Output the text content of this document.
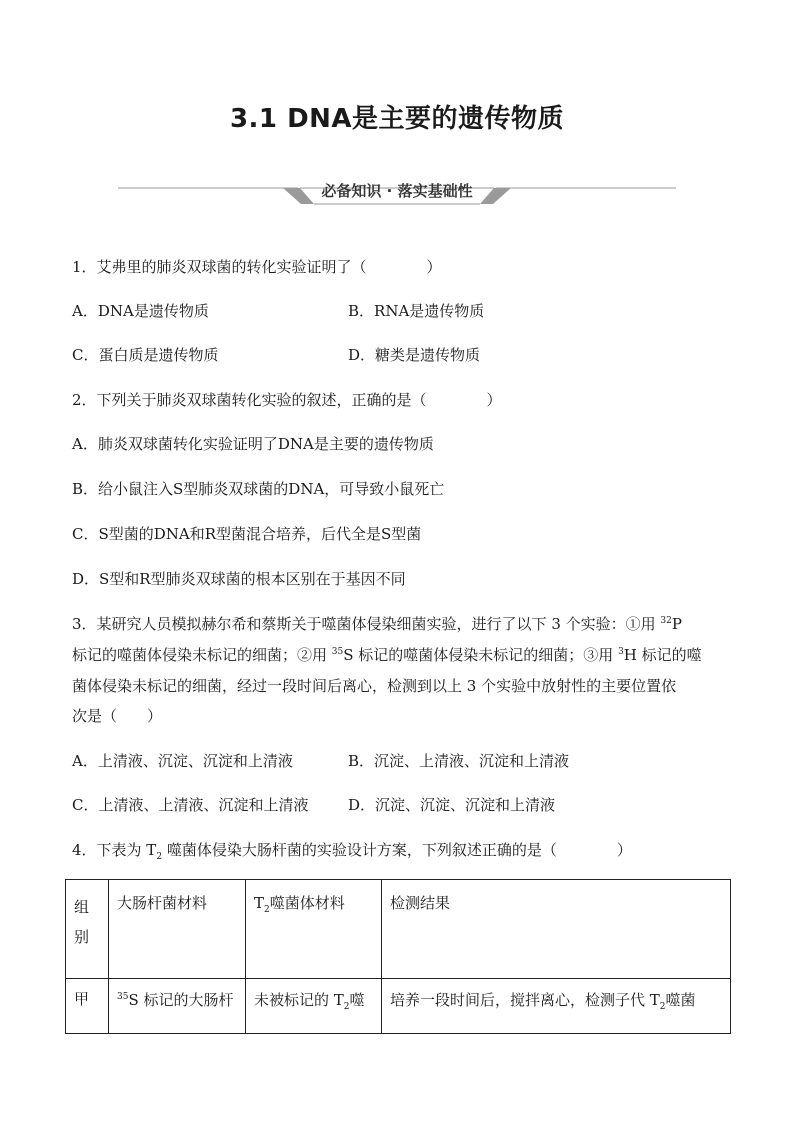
3.1 DNA是主要的遗传物质
必备知识 · 落实基础性
1．艾弗里的肺炎双球菌的转化实验证明了（　　　　）
A．DNA是遗传物质	B．RNA是遗传物质
C．蛋白质是遗传物质	D．糖类是遗传物质
2．下列关于肺炎双球菌转化实验的叙述，正确的是（　　　　）
A．肺炎双球菌转化实验证明了DNA是主要的遗传物质
B．给小鼠注入S型肺炎双球菌的DNA，可导致小鼠死亡
C．S型菌的DNA和R型菌混合培养，后代全是S型菌
D．S型和R型肺炎双球菌的根本区别在于基因不同
3．某研究人员模拟赫尔希和蔡斯关于噬菌体侵染细菌实验，进行了以下 3 个实验：①用 $^{32}$P
标记的噬菌体侵染未标记的细菌；②用 $^{35}$S 标记的噬菌体侵染未标记的细菌；③用 $^3$H 标记的噬
菌体侵染未标记的细菌，经过一段时间后离心，检测到以上 3 个实验中放射性的主要位置依
次是（　　）
A．上清液、沉淀、沉淀和上清液	B．沉淀、上清液、沉淀和上清液
C．上清液、上清液、沉淀和上清液	D．沉淀、沉淀、沉淀和上清液
4．下表为 $T_2$ 噬菌体侵染大肠杆菌的实验设计方案，下列叙述正确的是（　　　　）
组别	大肠杆菌材料	$T_2$噬菌体材料	检测结果
甲	$^{35}$S 标记的大肠杆	未被标记的 $T_2$噬	培养一段时间后，搅拌离心，检测子代 $T_2$噬菌
